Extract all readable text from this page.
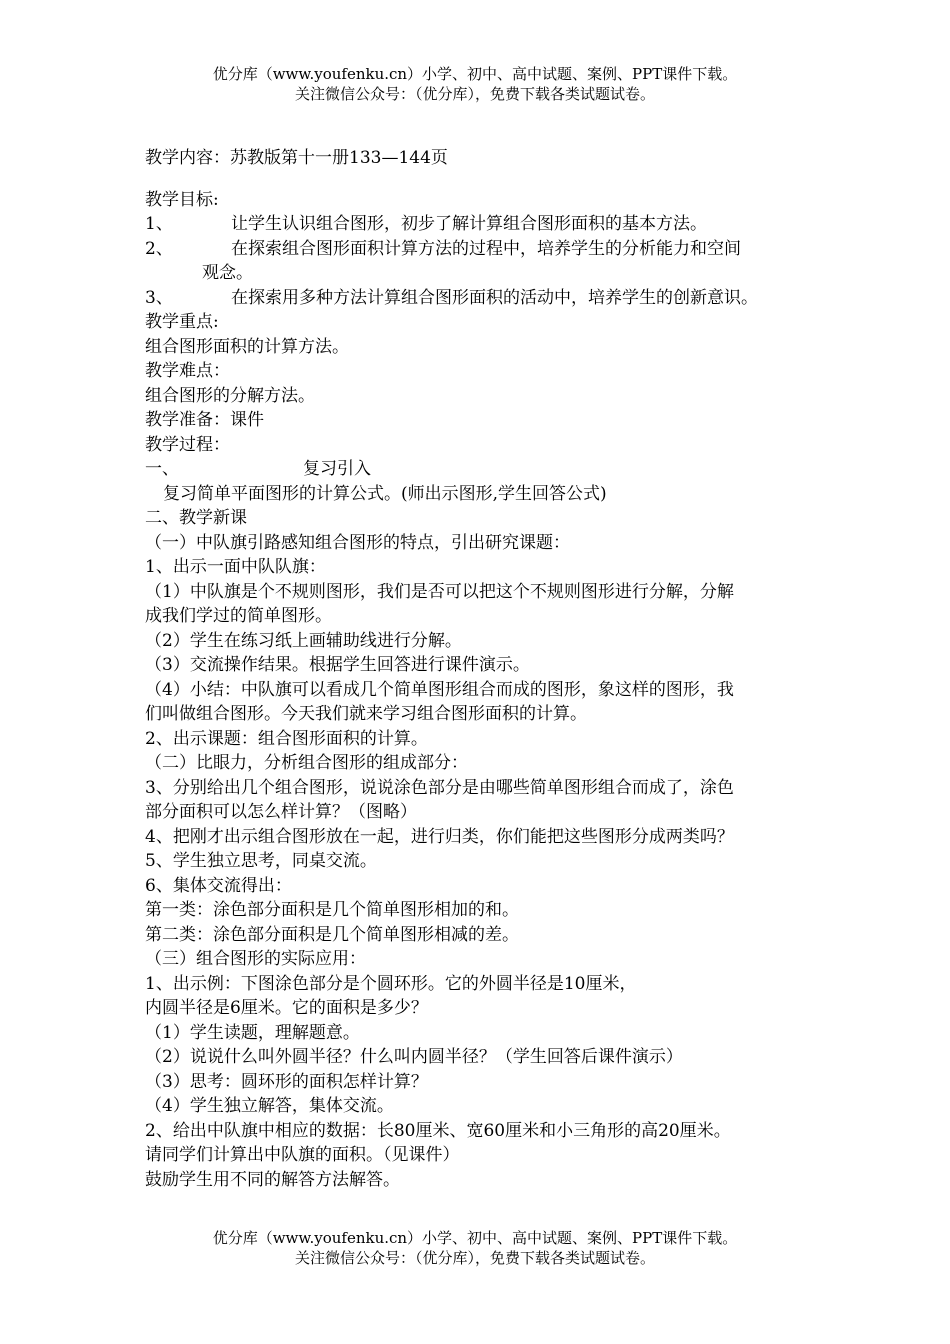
优分库（www.youfenku.cn）小学、初中、高中试题、案例、PPT课件下载。
关注微信公众号：（优分库），免费下载各类试题试卷。
教学内容：苏教版第十一册133—144页
教学目标:
1、	让学生认识组合图形，初步了解计算组合图形面积的基本方法。
2、	在探索组合图形面积计算方法的过程中，培养学生的分析能力和空间
观念。
3、	在探索用多种方法计算组合图形面积的活动中，培养学生的创新意识。
教学重点:
组合图形面积的计算方法。
教学难点：
组合图形的分解方法。
教学准备：课件
教学过程：
一、	复习引入
复习简单平面图形的计算公式。(师出示图形,学生回答公式)
二、教学新课
（一）中队旗引路感知组合图形的特点，引出研究课题：
1、出示一面中队队旗：
（1）中队旗是个不规则图形，我们是否可以把这个不规则图形进行分解，分解
成我们学过的简单图形。
（2）学生在练习纸上画辅助线进行分解。
（3）交流操作结果。根据学生回答进行课件演示。
（4）小结：中队旗可以看成几个简单图形组合而成的图形，象这样的图形，我
们叫做组合图形。今天我们就来学习组合图形面积的计算。
2、出示课题：组合图形面积的计算。
（二）比眼力，分析组合图形的组成部分：
3、分别给出几个组合图形，说说涂色部分是由哪些简单图形组合而成了，涂色
部分面积可以怎么样计算？（图略）
4、把刚才出示组合图形放在一起，进行归类，你们能把这些图形分成两类吗？
5、学生独立思考，同桌交流。
6、集体交流得出：
第一类：涂色部分面积是几个简单图形相加的和。
第二类：涂色部分面积是几个简单图形相减的差。
（三）组合图形的实际应用：
1、出示例：下图涂色部分是个圆环形。它的外圆半径是10厘米，
内圆半径是6厘米。它的面积是多少？
（1）学生读题，理解题意。
（2）说说什么叫外圆半径？什么叫内圆半径？（学生回答后课件演示）
（3）思考：圆环形的面积怎样计算？
（4）学生独立解答，集体交流。
2、给出中队旗中相应的数据：长80厘米、宽60厘米和小三角形的高20厘米。
请同学们计算出中队旗的面积。（见课件）
鼓励学生用不同的解答方法解答。
优分库（www.youfenku.cn）小学、初中、高中试题、案例、PPT课件下载。
关注微信公众号：（优分库），免费下载各类试题试卷。
